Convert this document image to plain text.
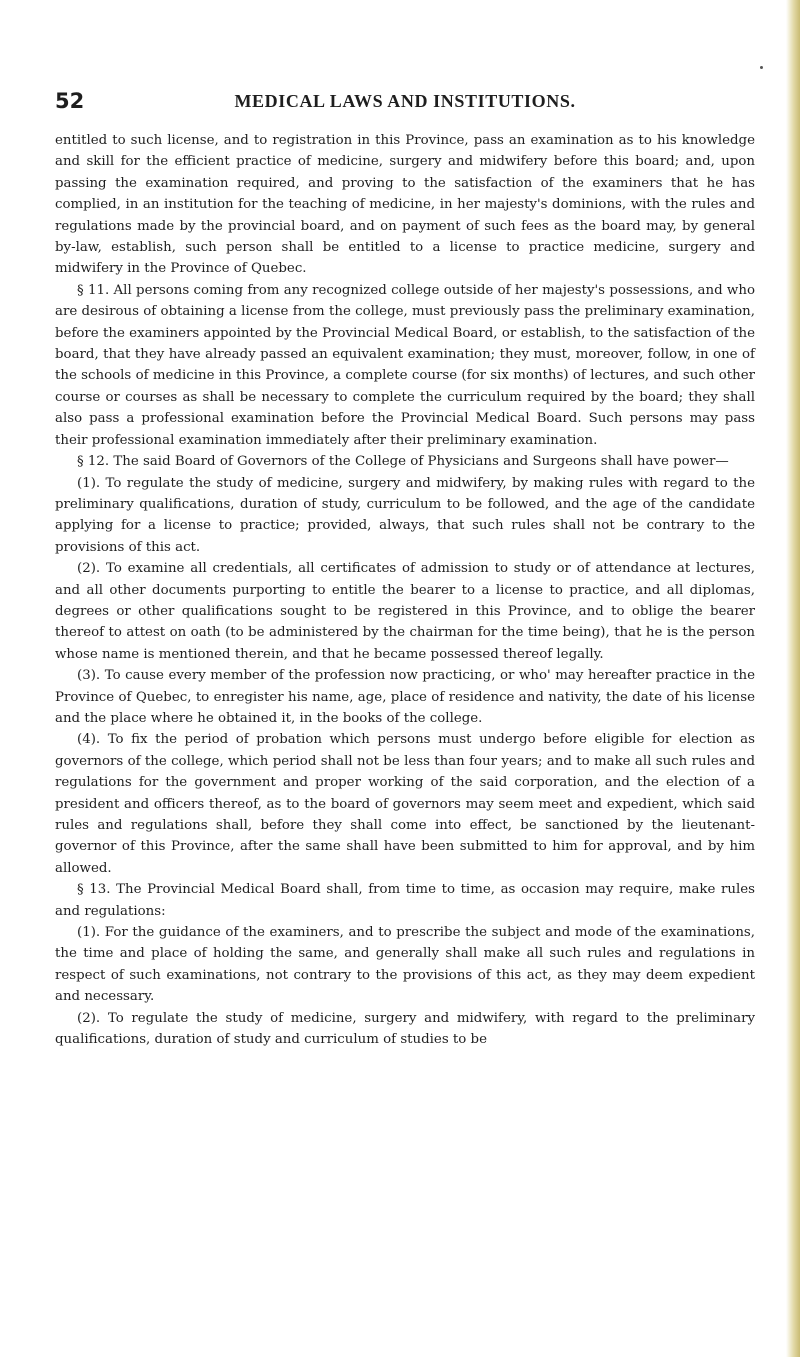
52	MEDICAL LAWS AND INSTITUTIONS.

entitled to such license, and to registration in this Province, pass an examination as to his knowledge and skill for the efficient practice of medicine, surgery and midwifery before this board; and, upon passing the examination required, and proving to the satisfaction of the examiners that he has complied, in an institution for the teaching of medicine, in her majesty's dominions, with the rules and regulations made by the provincial board, and on payment of such fees as the board may, by general by-law, establish, such person shall be entitled to a license to practice medicine, surgery and midwifery in the Province of Quebec.

§ 11. All persons coming from any recognized college outside of her majesty's possessions, and who are desirous of obtaining a license from the college, must previously pass the preliminary examination, before the examiners appointed by the Provincial Medical Board, or establish, to the satisfaction of the board, that they have already passed an equivalent examination; they must, moreover, follow, in one of the schools of medicine in this Province, a complete course (for six months) of lectures, and such other course or courses as shall be necessary to complete the curriculum required by the board; they shall also pass a professional examination before the Provincial Medical Board. Such persons may pass their professional examination immediately after their preliminary examination.

§ 12. The said Board of Governors of the College of Physicians and Surgeons shall have power—

(1). To regulate the study of medicine, surgery and midwifery, by making rules with regard to the preliminary qualifications, duration of study, curriculum to be followed, and the age of the candidate applying for a license to practice; provided, always, that such rules shall not be contrary to the provisions of this act.

(2). To examine all credentials, all certificates of admission to study or of attendance at lectures, and all other documents purporting to entitle the bearer to a license to practice, and all diplomas, degrees or other qualifications sought to be registered in this Province, and to oblige the bearer thereof to attest on oath (to be administered by the chairman for the time being), that he is the person whose name is mentioned therein, and that he became possessed thereof legally.

(3). To cause every member of the profession now practicing, or who' may hereafter practice in the Province of Quebec, to enregister his name, age, place of residence and nativity, the date of his license and the place where he obtained it, in the books of the college.

(4). To fix the period of probation which persons must undergo before eligible for election as governors of the college, which period shall not be less than four years; and to make all such rules and regulations for the government and proper working of the said corporation, and the election of a president and officers thereof, as to the board of governors may seem meet and expedient, which said rules and regulations shall, before they shall come into effect, be sanctioned by the lieutenant-governor of this Province, after the same shall have been submitted to him for approval, and by him allowed.

§ 13. The Provincial Medical Board shall, from time to time, as occasion may require, make rules and regulations:

(1). For the guidance of the examiners, and to prescribe the subject and mode of the examinations, the time and place of holding the same, and generally shall make all such rules and regulations in respect of such examinations, not contrary to the provisions of this act, as they may deem expedient and necessary.

(2). To regulate the study of medicine, surgery and midwifery, with regard to the preliminary qualifications, duration of study and curriculum of studies to be
